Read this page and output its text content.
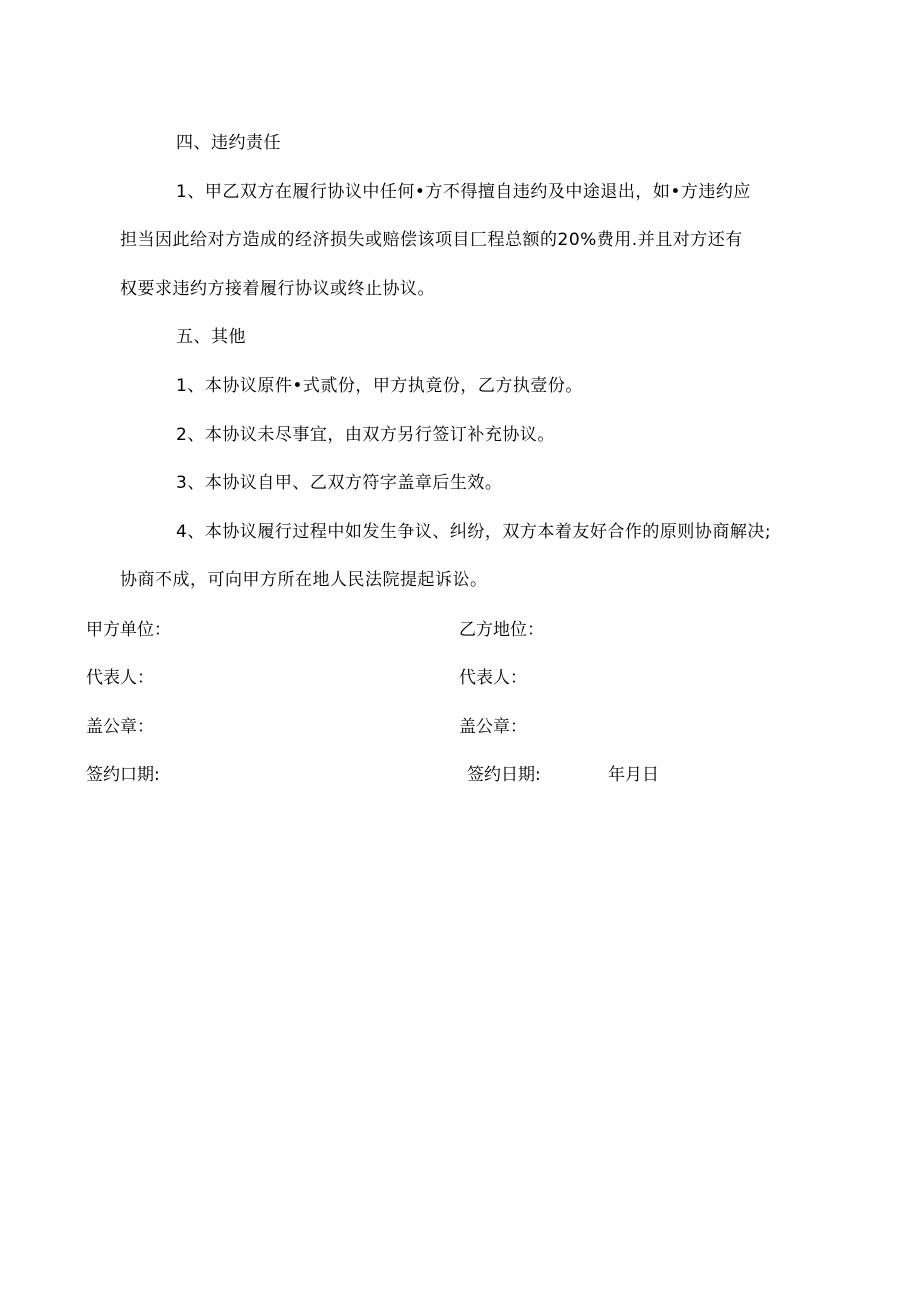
四、违约责任
1、甲乙双方在履行协议中任何•方不得擅自违约及中途退出，如•方违约应
担当因此给对方造成的经济损失或赔偿该项目匚程总额的20%费用.并且对方还有
权要求违约方接着履行协议或终止协议。
五、其他
1、本协议原件•式贰份，甲方执竟份，乙方执壹份。
2、本协议未尽事宜，由双方另行签订补充协议。
3、本协议自甲、乙双方符字盖章后生效。
4、本协议履行过程中如发生争议、纠纷，双方本着友好合作的原则协商解决;
协商不成，可向甲方所在地人民法院提起诉讼。
甲方单位：	乙方地位：
代表人：	代表人：
盖公章：	盖公章：
签约口期:	签约日期:	年月日
